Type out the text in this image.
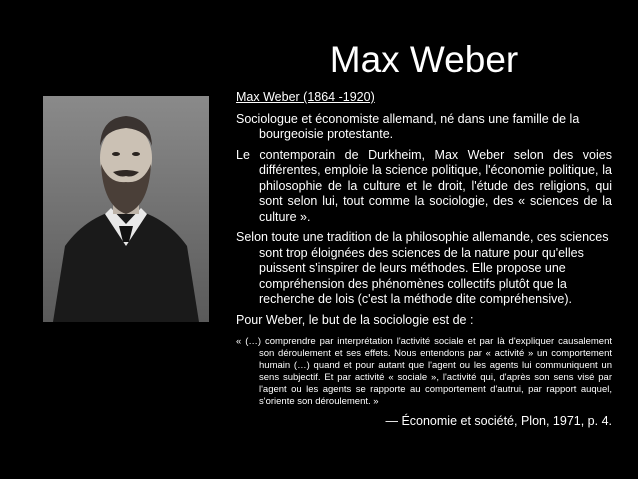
Max Weber
Max Weber (1864 -1920)
Sociologue et économiste allemand, né dans une famille de la bourgeoisie protestante.
Le contemporain de Durkheim, Max Weber selon des voies différentes, emploie la science politique, l'économie politique, la philosophie de la culture et le droit, l'étude des religions, qui sont selon lui, tout comme la sociologie, des « sciences de la culture ».
Selon toute une tradition de la philosophie allemande, ces sciences sont trop éloignées des sciences de la nature pour qu'elles puissent s'inspirer de leurs méthodes. Elle propose une compréhension des phénomènes collectifs plutôt que la recherche de lois (c'est la méthode dite compréhensive).
Pour Weber, le but de la sociologie est de :
« (…) comprendre par interprétation l'activité sociale et par là d'expliquer causalement son déroulement et ses effets. Nous entendons par « activité » un comportement humain (…) quand et pour autant que l'agent ou les agents lui communiquent un sens subjectif. Et par activité « sociale », l'activité qui, d'après son sens visé par l'agent ou les agents se rapporte au comportement d'autrui, par rapport auquel, s'oriente son déroulement. »
— Économie et société, Plon, 1971, p. 4.
